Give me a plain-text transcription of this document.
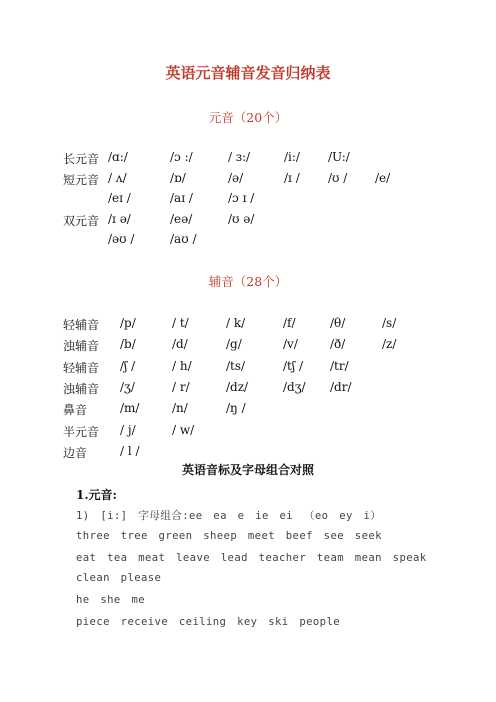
英语元音辅音发音归纳表
元音（20个）
长元音 /ɑ:/	/ɔ :/	/ ɜ:/	/i:/ /U:/
短元音 / ʌ/	/ɒ/	/ə/	/ɪ / /ʊ / /e/
/eɪ /	/aɪ /	/ɔ ɪ /
双元音 /ɪ ə/	/eə/	/ʊ ə/
/əʊ /	/aʊ /
辅音（28个）
轻辅音 /p/	/ t/	/ k/	/f/	/θ/	/s/
浊辅音 /b/	/d/	/g/	/v/	/ð/	/z/
轻辅音 /ʃ /	/ h/	/ts/	/tʃ / /tr/
浊辅音 /ʒ/	/ r/	/dz/	/dʒ/ /dr/
鼻音	/m/	/n/	/ŋ /
半元音 / j/	/ w/
边音	/ l /
英语音标及字母组合对照
1.元音:
1) [i:] 字母组合:ee ea e ie ei （eo ey i）
three tree green sheep meet beef see seek
eat tea meat leave lead teacher team mean speak
clean please
he she me
piece receive ceiling key ski people
